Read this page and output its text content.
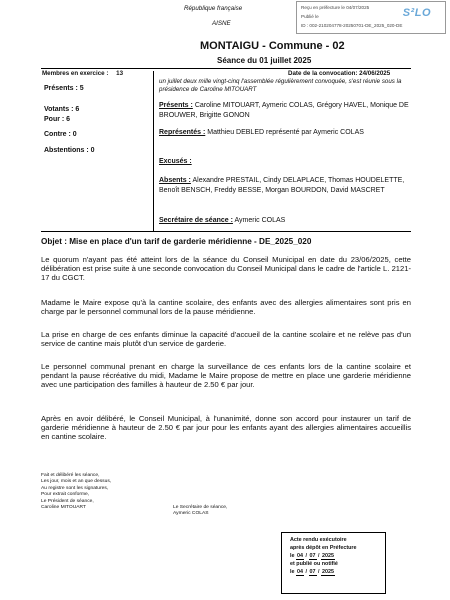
Reçu en préfecture le 04/07/2025
Publié le
ID : 002-210204778-20250701-DE_2025_020-DE
S²LO
République française
AISNE
MONTAIGU - Commune - 02
Séance du 01 juillet 2025
Membres en exercice : 13
Présents : 5
Votants : 6
Pour : 6
Contre : 0
Abstentions : 0
Date de la convocation: 24/06/2025
un juillet deux mille vingt-cinq l'assemblée régulièrement convoquée, s'est réunie sous la présidence de Caroline MITOUART
Présents : Caroline MITOUART, Aymeric COLAS, Grégory HAVEL, Monique DE BROUWER, Brigitte GONON
Représentés : Matthieu DEBLED représenté par Aymeric COLAS
Excusés :
Absents : Alexandre PRESTAIL, Cindy DELAPLACE, Thomas HOUDELETTE, Benoît BENSCH, Freddy BESSE, Morgan BOURDON, David MASCRET
Secrétaire de séance : Aymeric COLAS
Objet : Mise en place d'un tarif de garderie méridienne - DE_2025_020

Le quorum n'ayant pas été atteint lors de la séance du Conseil Municipal en date du 23/06/2025, cette délibération est prise suite à une seconde convocation du Conseil Municipal dans le cadre de l'article L. 2121-17 du CGCT.

Madame le Maire expose qu'à la cantine scolaire, des enfants avec des allergies alimentaires sont pris en charge par le personnel communal lors de la pause méridienne.

La prise en charge de ces enfants diminue la capacité d'accueil de la cantine scolaire et ne relève pas d'un service de cantine mais plutôt d'un service de garderie.

Le personnel communal prenant en charge la surveillance de ces enfants lors de la cantine scolaire et pendant la pause récréative du midi, Madame le Maire propose de mettre en place une garderie méridienne avec une participation des familles à hauteur de 2.50 € par jour.

Après en avoir délibéré, le Conseil Municipal, à l'unanimité, donne son accord pour instaurer un tarif de garderie méridienne à hauteur de 2.50 € par jour pour les enfants ayant des allergies alimentaires accueillis en cantine scolaire.

Fait et délibéré les séance,
Les jour, mois et an que dessus,
Au registre sont les signatures,
Pour extrait conforme,
Le Président de séance,
Caroline MITOUART	Le Secrétaire de séance,
Aymeric COLAS
Acte rendu exécutoire
après dépôt en Préfecture
le 04 / 07 / 2025
et publié ou notifié
le 04 / 07 / 2025
